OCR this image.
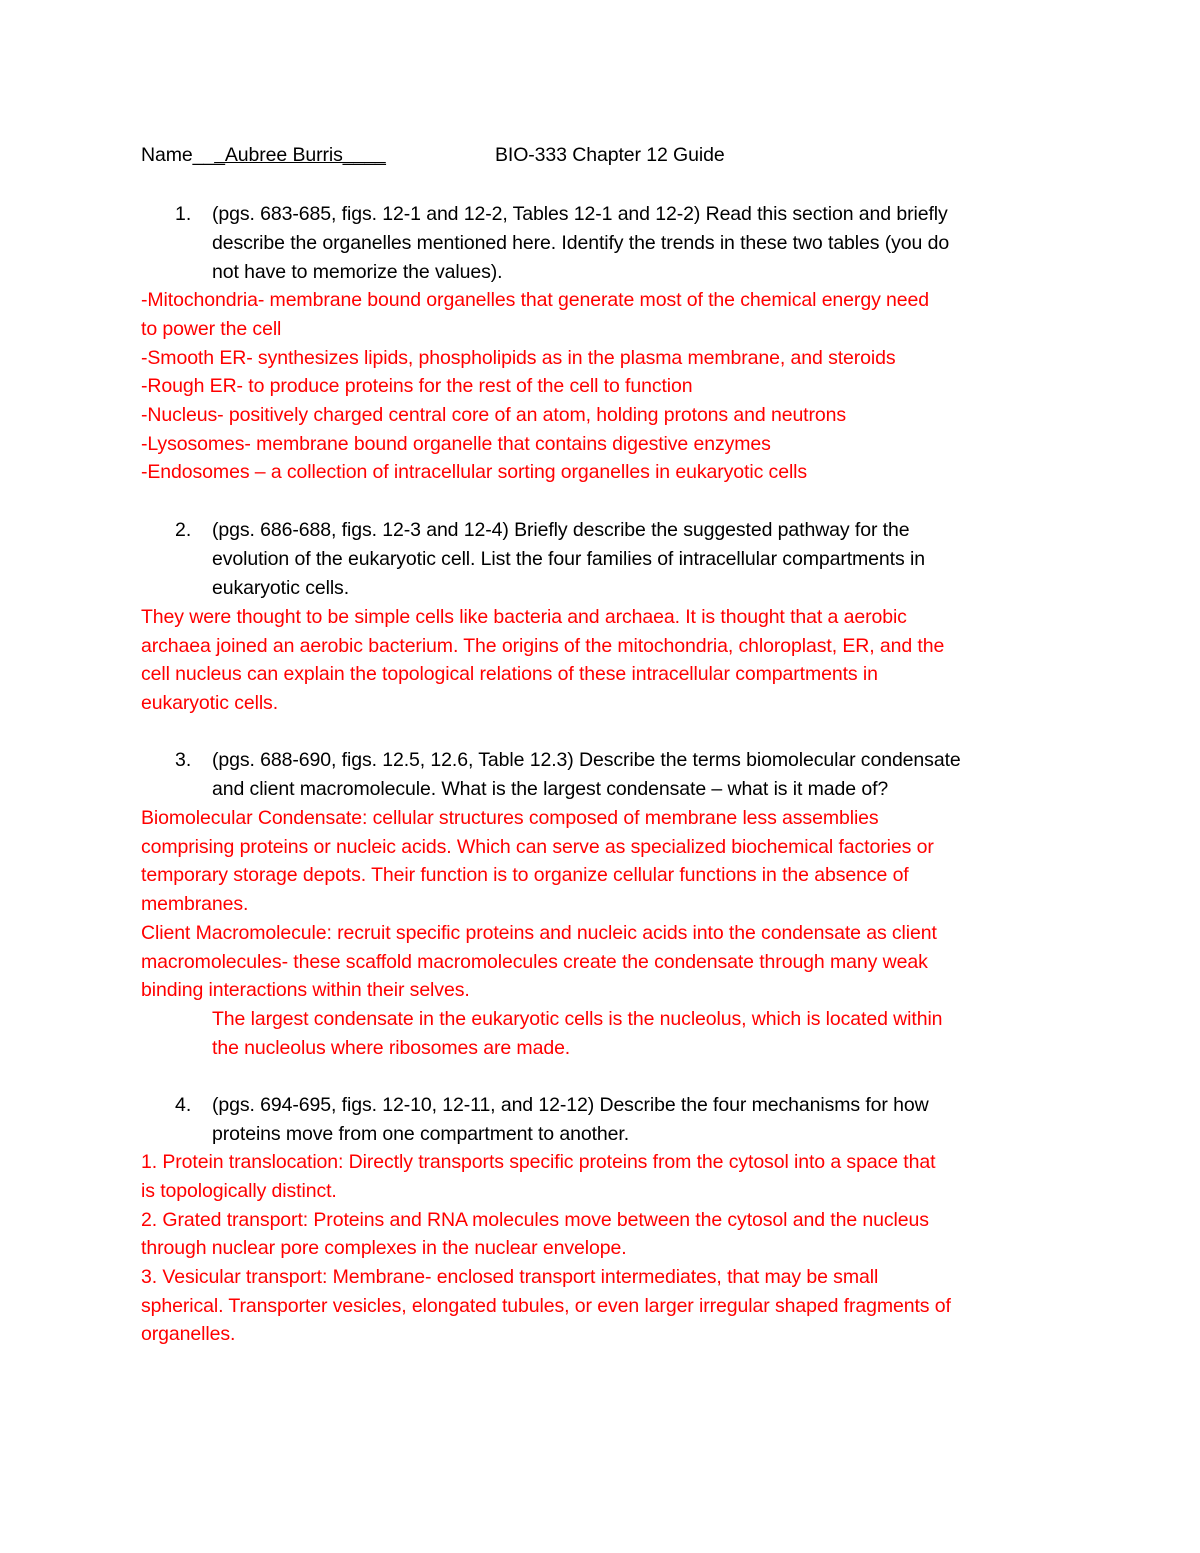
Name___Aubree Burris____	BIO-333 Chapter 12 Guide
1. (pgs. 683-685, figs. 12-1 and 12-2, Tables 12-1 and 12-2) Read this section and briefly
describe the organelles mentioned here. Identify the trends in these two tables (you do
not have to memorize the values).
-Mitochondria- membrane bound organelles that generate most of the chemical energy need
to power the cell
-Smooth ER- synthesizes lipids, phospholipids as in the plasma membrane, and steroids
-Rough ER- to produce proteins for the rest of the cell to function
-Nucleus- positively charged central core of an atom, holding protons and neutrons
-Lysosomes- membrane bound organelle that contains digestive enzymes
-Endosomes – a collection of intracellular sorting organelles in eukaryotic cells
2. (pgs. 686-688, figs. 12-3 and 12-4) Briefly describe the suggested pathway for the
evolution of the eukaryotic cell. List the four families of intracellular compartments in
eukaryotic cells.
They were thought to be simple cells like bacteria and archaea. It is thought that a aerobic
archaea joined an aerobic bacterium. The origins of the mitochondria, chloroplast, ER, and the
cell nucleus can explain the topological relations of these intracellular compartments in
eukaryotic cells.
3. (pgs. 688-690, figs. 12.5, 12.6, Table 12.3) Describe the terms biomolecular condensate
and client macromolecule. What is the largest condensate – what is it made of?
Biomolecular Condensate: cellular structures composed of membrane less assemblies
comprising proteins or nucleic acids. Which can serve as specialized biochemical factories or
temporary storage depots. Their function is to organize cellular functions in the absence of
membranes.
Client Macromolecule: recruit specific proteins and nucleic acids into the condensate as client
macromolecules- these scaffold macromolecules create the condensate through many weak
binding interactions within their selves.
The largest condensate in the eukaryotic cells is the nucleolus, which is located within
the nucleolus where ribosomes are made.
4. (pgs. 694-695, figs. 12-10, 12-11, and 12-12) Describe the four mechanisms for how
proteins move from one compartment to another.
1. Protein translocation: Directly transports specific proteins from the cytosol into a space that
is topologically distinct.
2. Grated transport: Proteins and RNA molecules move between the cytosol and the nucleus
through nuclear pore complexes in the nuclear envelope.
3. Vesicular transport: Membrane- enclosed transport intermediates, that may be small
spherical. Transporter vesicles, elongated tubules, or even larger irregular shaped fragments of
organelles.
